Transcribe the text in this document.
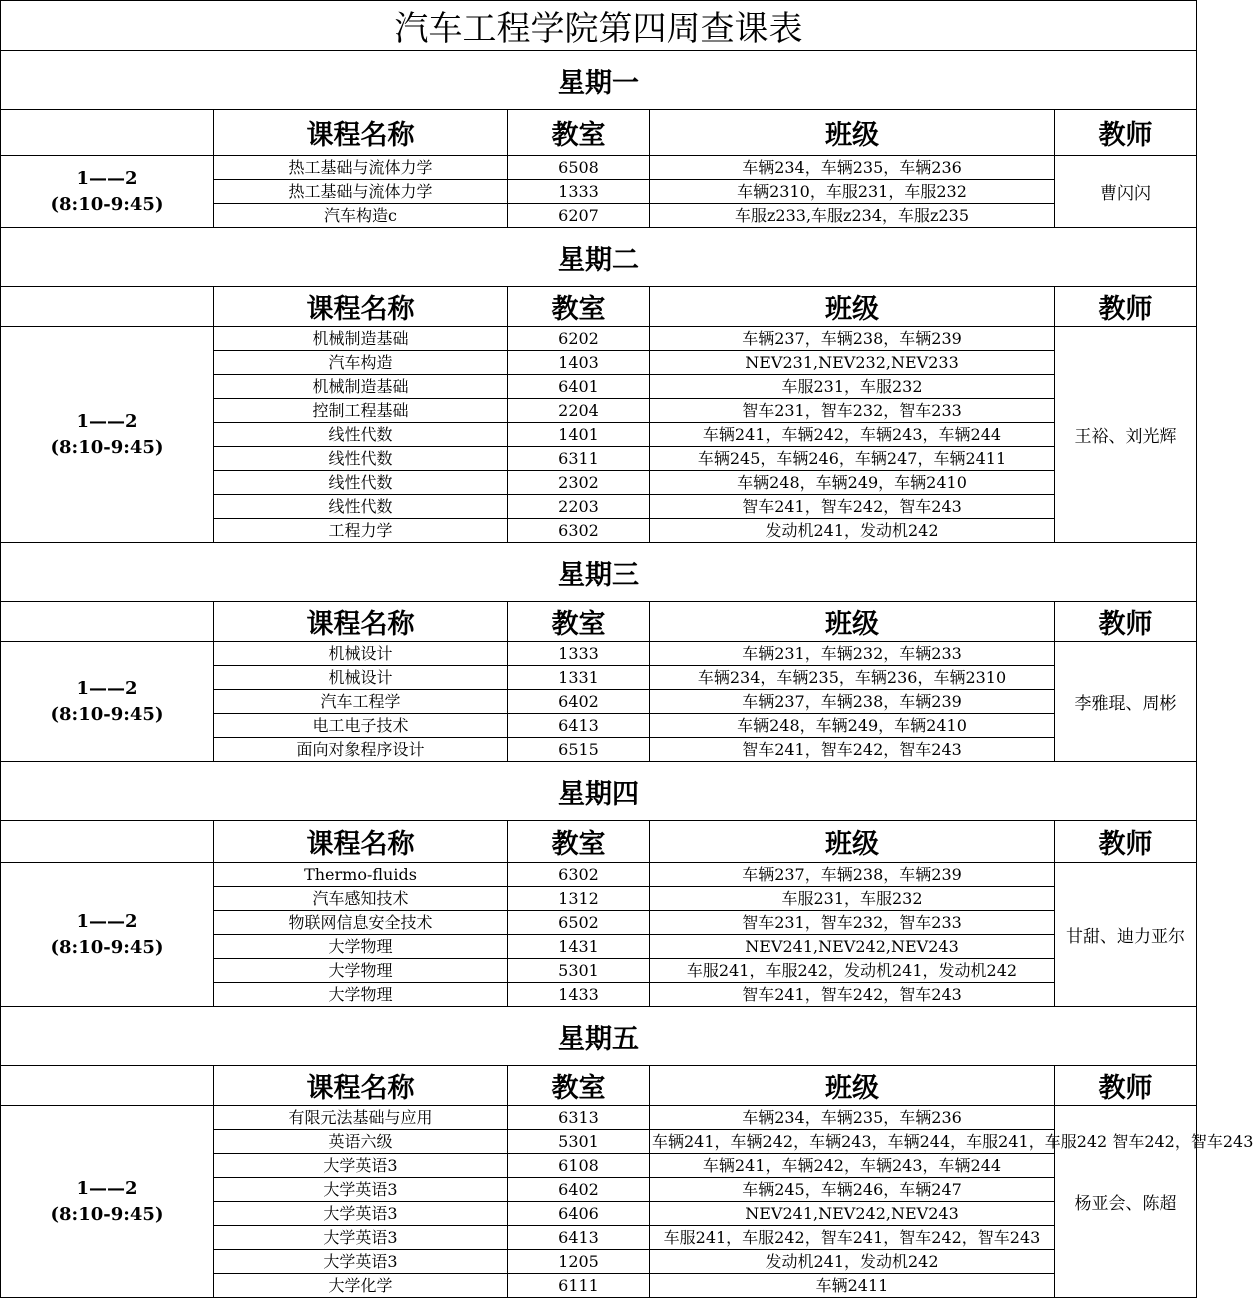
汽车工程学院第四周查课表				
星期一				
	课程名称	教室	班级	教师

1——2
(8:10-9:45)	热工基础与流体力学	6508	车辆234，车辆235，车辆236	曹闪闪
	热工基础与流体力学	1333	车辆2310，车服231，车服232	
	汽车构造c	6207	车服z233,车服z234，车服z235	
星期二				
	课程名称	教室	班级	教师

1——2
(8:10-9:45)	机械制造基础	6202	车辆237，车辆238，车辆239	王裕、刘光辉
	汽车构造	1403	NEV231,NEV232,NEV233	
	机械制造基础	6401	车服231，车服232	
	控制工程基础	2204	智车231，智车232，智车233	
	线性代数	1401	车辆241，车辆242，车辆243，车辆244	
	线性代数	6311	车辆245，车辆246，车辆247，车辆2411	
	线性代数	2302	车辆248，车辆249，车辆2410	
	线性代数	2203	智车241，智车242，智车243	
	工程力学	6302	发动机241，发动机242	
星期三				
	课程名称	教室	班级	教师

1——2
(8:10-9:45)	机械设计	1333	车辆231，车辆232，车辆233	李雅琨、周彬
	机械设计	1331	车辆234，车辆235，车辆236，车辆2310	
	汽车工程学	6402	车辆237，车辆238，车辆239	
	电工电子技术	6413	车辆248，车辆249，车辆2410	
	面向对象程序设计	6515	智车241，智车242，智车243	
星期四				
	课程名称	教室	班级	教师

1——2
(8:10-9:45)	Thermo-fluids	6302	车辆237，车辆238，车辆239	甘甜、迪力亚尔
	汽车感知技术	1312	车服231，车服232	
	物联网信息安全技术	6502	智车231，智车232，智车233	
	大学物理	1431	NEV241,NEV242,NEV243	
	大学物理	5301	车服241，车服242，发动机241，发动机242	
	大学物理	1433	智车241，智车242，智车243	
星期五				
	课程名称	教室	班级	教师

1——2
(8:10-9:45)	有限元法基础与应用	6313	车辆234，车辆235，车辆236	杨亚会、陈超
	英语六级	5301	车辆241，车辆242，车辆243，车辆244，车服241，车服242 智车242，智车243	
	大学英语3	6108	车辆241，车辆242，车辆243，车辆244	
	大学英语3	6402	车辆245，车辆246，车辆247	
	大学英语3	6406	NEV241,NEV242,NEV243	
	大学英语3	6413	车服241，车服242，智车241，智车242，智车243	
	大学英语3	1205	发动机241，发动机242	
	大学化学	6111	车辆2411	
